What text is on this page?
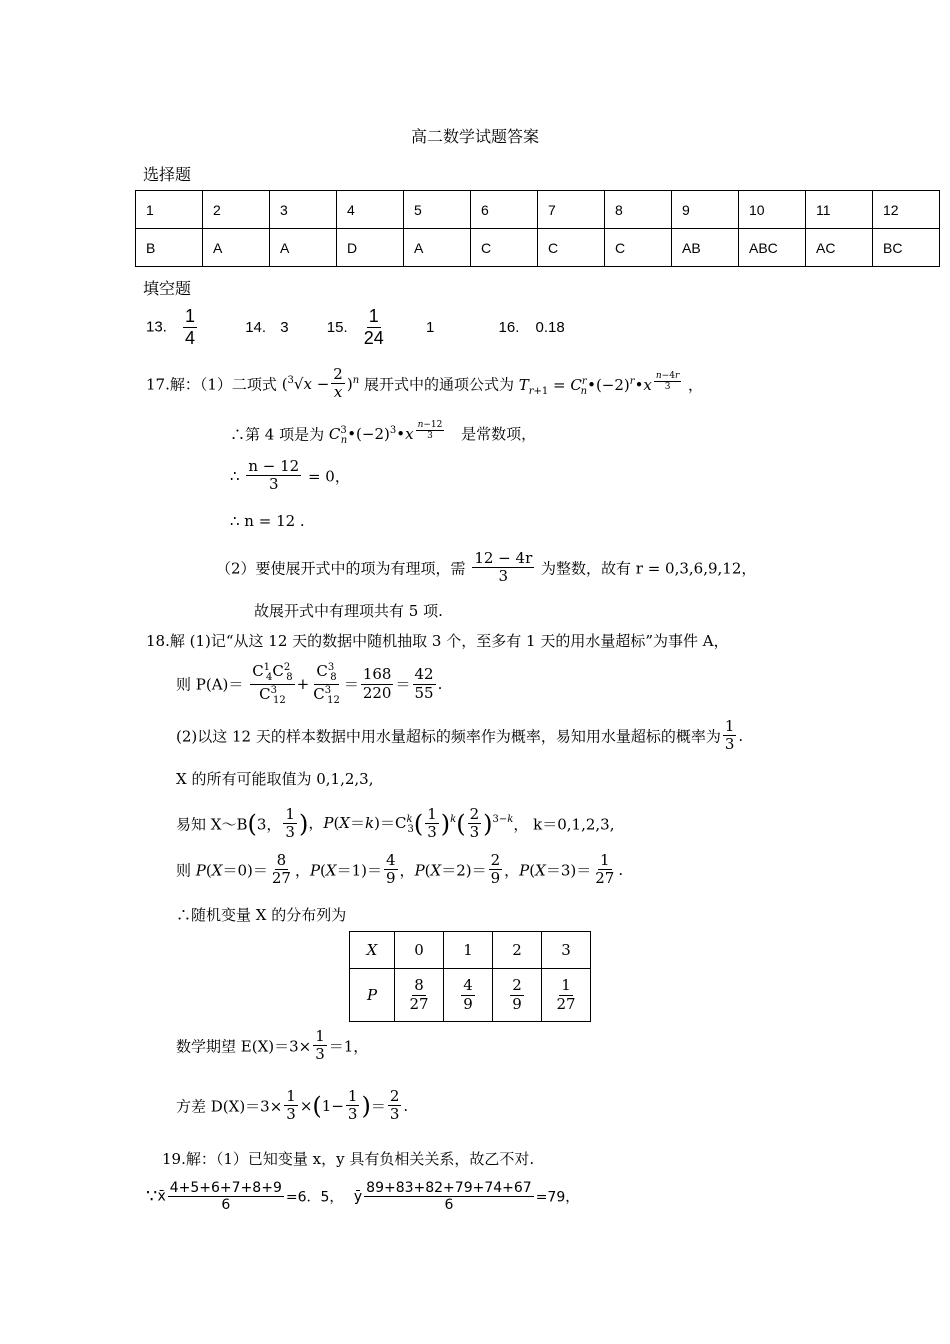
高二数学试题答案
选择题
1	2	3	4	5	6	7	8	9	10	11	12
B	A	A	D	A	C	C	C	AB	ABC	AC	BC
填空题
13. $\frac{1}{4}$	14. 3	15. $\frac{1}{24}$	1	16. 0.18
17.解：（1）二项式 $(^3√x - \frac{2}{x} )^n$ 展开式中的通项公式为 $T_{r+1}$ = $C^r_n•(-2)^r•x$ $^{\frac{n-4r}{3}}$ ，
∴第 4 项是为 $C^3_n•(-2)^3•x$ $^{\frac{n-12}{3}}$ 是常数项，
∴ $\frac{n - 12}{3} = 0$，
∴ n = 12 .
（2）要使展开式中的项为有理项，需 $\frac{12 - 4r}{3}$ 为整数，故有 r = 0,3,6,9,12，
故展开式中有理项共有 5 项.
18.解 (1)记“从这 12 天的数据中随机抽取 3 个，至多有 1 天的用水量超标”为事件 A，
则 $P(A)= \frac{C^1_4C^2_8}{C^3_{12}} + \frac{C^3_8}{C^3_{12}} = \frac{168}{220} = \frac{42}{55}$ .
(2)以这 12 天的样本数据中用水量超标的频率作为概率，易知用水量超标的概率为 $\frac{1}{3}$ .
X 的所有可能取值为 0,1,2,3,
易知 X～B(3， $\frac{1}{3}$ )，$P(X=k)=C^k_3( \frac{1}{3} )^k( \frac{2}{3} )^{3-k}$， k＝0,1,2,3,
则 $P(X=0)= \frac{8}{27}$ ，$P(X=1)= \frac{4}{9}$ ，$P(X=2)= \frac{2}{9}$ ，$P(X=3)= \frac{1}{27}$ .
∴随机变量 X 的分布列为
X	0	1	2	3
P	$\frac{8}{27}$	$\frac{4}{9}$	$\frac{2}{9}$	$\frac{1}{27}$
数学期望 $E(X)=3\times \frac{1}{3} =1$，
方差 $D(X)=3\times \frac{1}{3} \times(1- \frac{1}{3}$ )＝ $\frac{2}{3}$ .
19.解：（1）已知变量 x，y 具有负相关关系，故乙不对.
∵x̄ $\frac{4+5+6+7+8+9}{6} =6$．5， ȳ $\frac{89+83+82+79+74+67}{6} =79$，
